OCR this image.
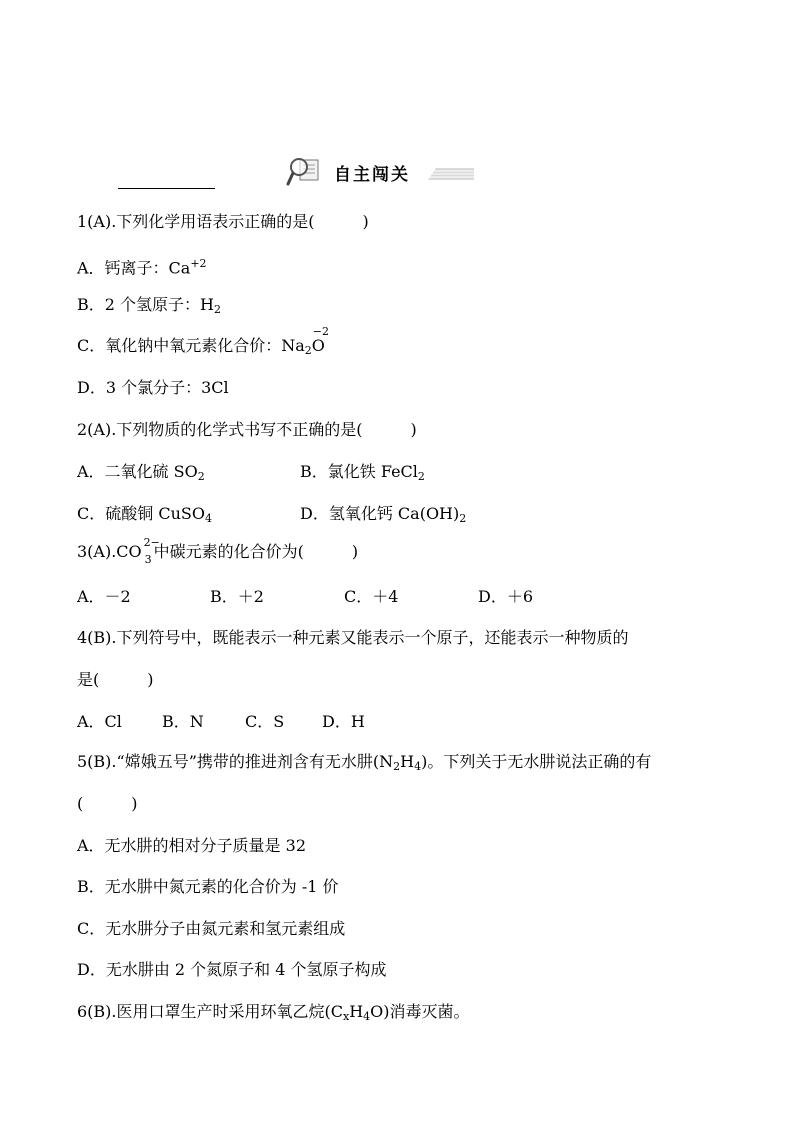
自主闯关
1(A).下列化学用语表示正确的是(　　　)
A．钙离子：$Ca^{+2}$
B．2 个氢原子：$H_2$
C．氧化钠中氧元素化合价：$Na_2$
−2
O
D．3 个氯分子：3Cl
2(A).下列物质的化学式书写不正确的是(　　　)
A．二氧化硫 $SO_2$	B．氯化铁 FeCl$_2$
C．硫酸铜 CuSO$_4$	D．氢氧化钙 $Ca(OH)_2$
3(A).CO 2−
3 中碳元素的化合价为(　　　)
A．－2	B．＋2	C．＋4	D．＋6
4(B).下列符号中，既能表示一种元素又能表示一个原子，还能表示一种物质的
是(　　　)
A．Cl	B．N	C．S D．H
5(B).“嫦娥五号”携带的推进剂含有无水肼$(N_2H_4)$。下列关于无水肼说法正确的有
(　　　)
A．无水肼的相对分子质量是 32
B．无水肼中氮元素的化合价为 -1 价
C．无水肼分子由氮元素和氢元素组成
D．无水肼由 2 个氮原子和 4 个氢原子构成
6(B).医用口罩生产时采用环氧乙烷$(C_xH_4O)$消毒灭菌。
